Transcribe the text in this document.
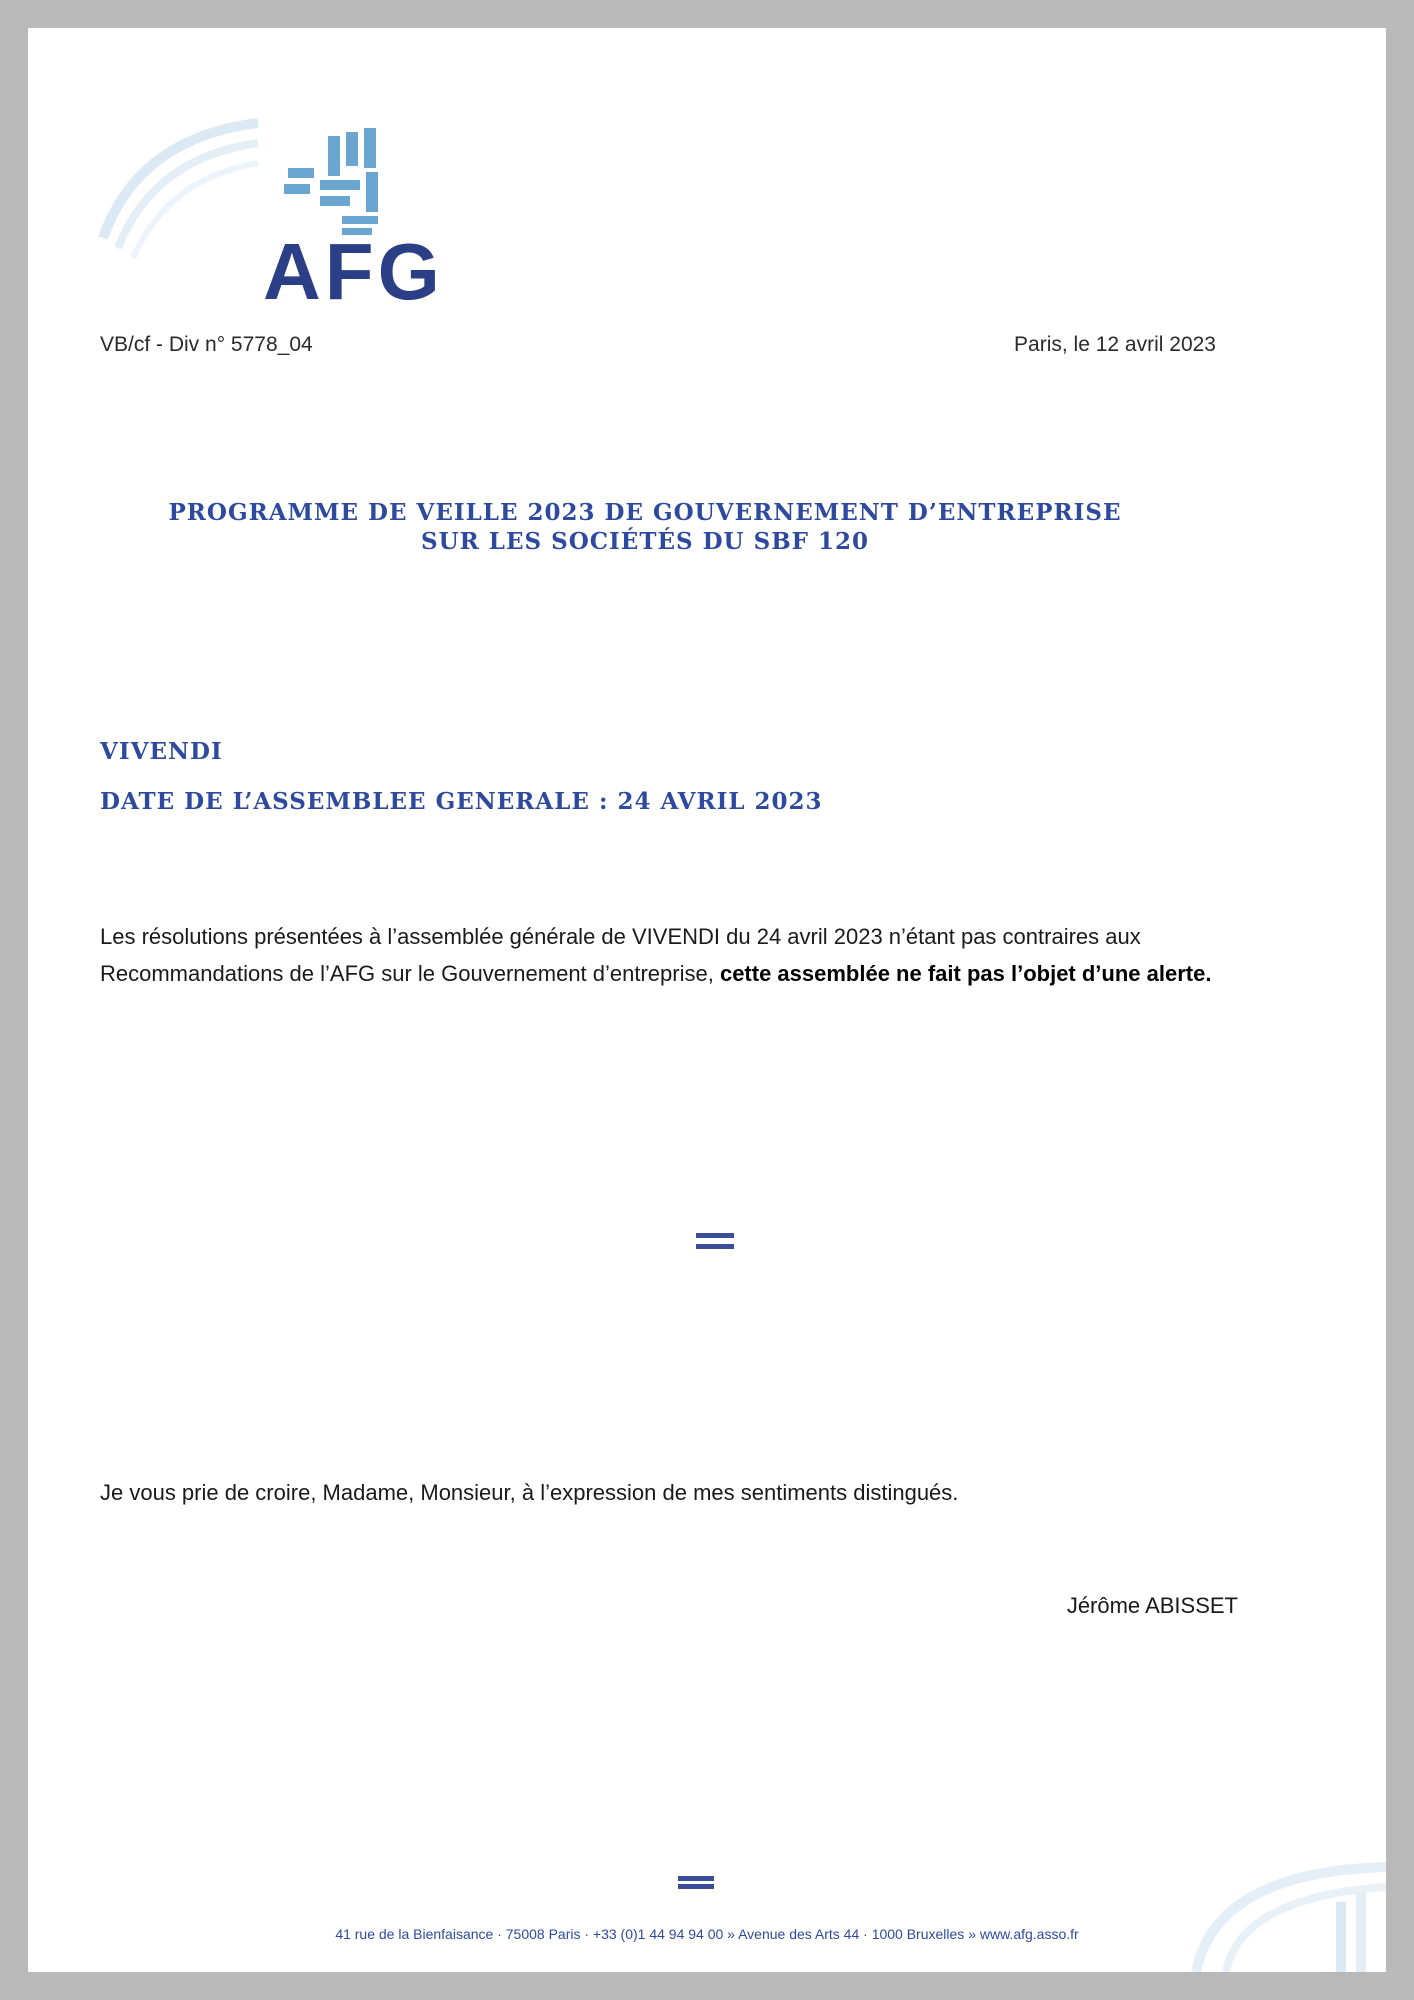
AFG
VB/cf - Div n° 5778_04	Paris, le 12 avril 2023
PROGRAMME DE VEILLE 2023 DE GOUVERNEMENT D’ENTREPRISE
SUR LES SOCIÉTÉS DU SBF 120
VIVENDI
DATE DE L’ASSEMBLEE GENERALE : 24 AVRIL 2023
Les résolutions présentées à l’assemblée générale de VIVENDI du 24 avril 2023 n’étant pas contraires aux Recommandations de l’AFG sur le Gouvernement d’entreprise, cette assemblée ne fait pas l’objet d’une alerte.
Je vous prie de croire, Madame, Monsieur, à l’expression de mes sentiments distingués.
Jérôme ABISSET
41 rue de la Bienfaisance · 75008 Paris · +33 (0)1 44 94 94 00 » Avenue des Arts 44 · 1000 Bruxelles » www.afg.asso.fr
